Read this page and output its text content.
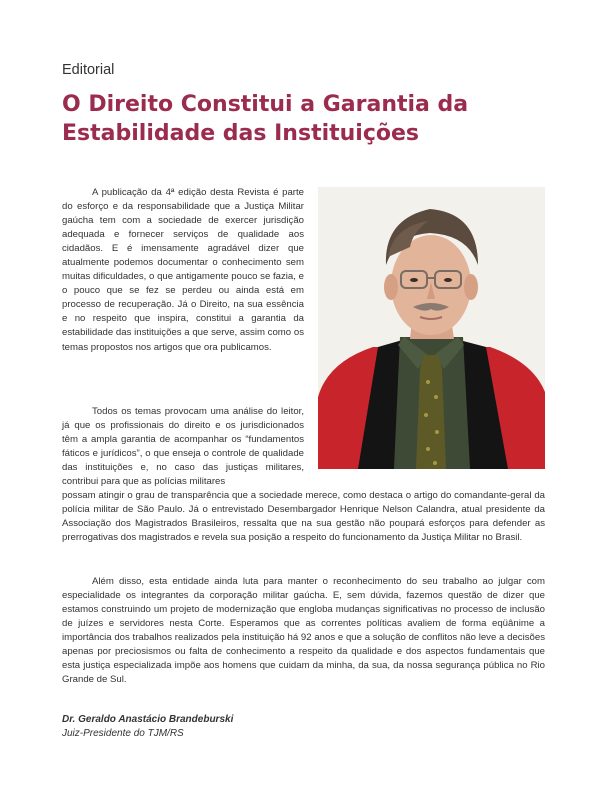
Editorial
O Direito Constitui a Garantia da Estabilidade das Instituições

A publicação da 4ª edição desta Revista é parte do esforço e da responsabilidade que a Justiça Militar gaúcha tem com a sociedade de exercer jurisdição adequada e fornecer serviços de qualidade aos cidadãos. E é imensamente agradável dizer que atualmente podemos documentar o conhecimento sem muitas dificuldades, o que antigamente pouco se fazia, e o pouco que se fez se perdeu ou ainda está em processo de recuperação. Já o Direito, na sua essência e no respeito que inspira, constitui a garantia da estabilidade das instituições a que serve, assim como os temas propostos nos artigos que ora publicamos.

Todos os temas provocam uma análise do leitor, já que os profissionais do direito e os jurisdicionados têm a ampla garantia de acompanhar os “fundamentos fáticos e jurídicos”, o que enseja o controle de qualidade das instituições e, no caso das justiças militares, contribui para que as polícias militares

possam atingir o grau de transparência que a sociedade merece, como destaca o artigo do comandante-geral da polícia militar de São Paulo. Já o entrevistado Desembargador Henrique Nelson Calandra, atual presidente da Associação dos Magistrados Brasileiros, ressalta que na sua gestão não poupará esforços para defender as prerrogativas dos magistrados e revela sua posição a respeito do funcionamento da Justiça Militar no Brasil.

Além disso, esta entidade ainda luta para manter o reconhecimento do seu trabalho ao julgar com especialidade os integrantes da corporação militar gaúcha. E, sem dúvida, fazemos questão de dizer que estamos construindo um projeto de modernização que engloba mudanças significativas no processo de inclusão de juízes e servidores nesta Corte. Esperamos que as correntes políticas avaliem de forma eqüânime a importância dos trabalhos realizados pela instituição há 92 anos e que a solução de conflitos não leve a decisões apenas por preciosismos ou falta de conhecimento a respeito da qualidade e dos aspectos fundamentais que esta justiça especializada impõe aos homens que cuidam da minha, da sua, da nossa segurança pública no Rio Grande de Sul.

Dr. Geraldo Anastácio Brandeburski
Juiz-Presidente do TJM/RS
